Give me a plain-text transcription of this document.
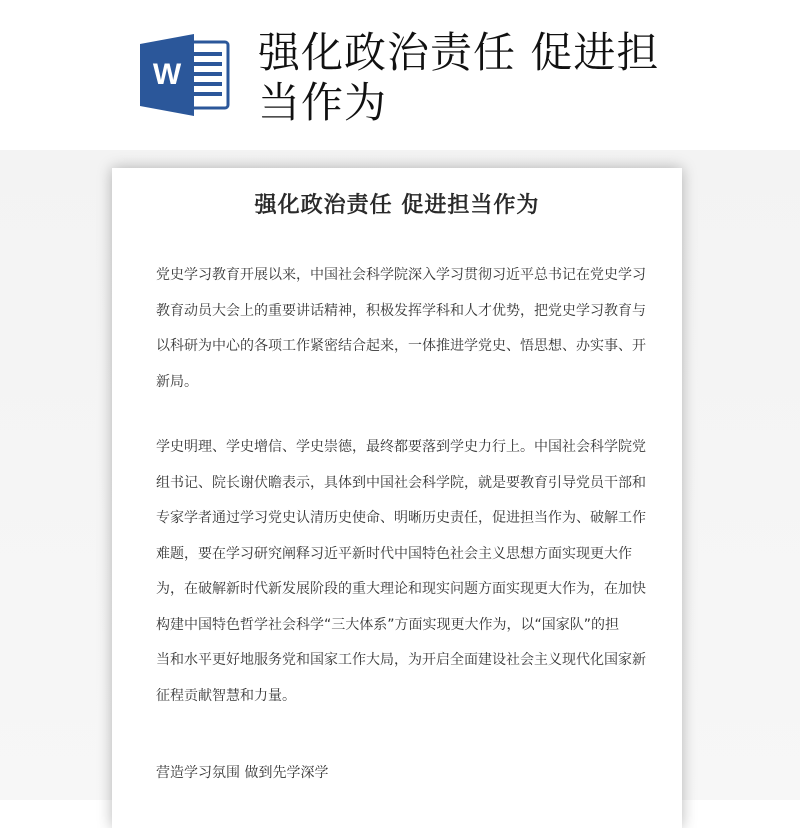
W 强化政治责任 促进担当作为
强化政治责任 促进担当作为

党史学习教育开展以来，中国社会科学院深入学习贯彻习近平总书记在党史学习
教育动员大会上的重要讲话精神，积极发挥学科和人才优势，把党史学习教育与
以科研为中心的各项工作紧密结合起来，一体推进学党史、悟思想、办实事、开
新局。

学史明理、学史增信、学史崇德，最终都要落到学史力行上。中国社会科学院党
组书记、院长谢伏瞻表示，具体到中国社会科学院，就是要教育引导党员干部和
专家学者通过学习党史认清历史使命、明晰历史责任，促进担当作为、破解工作
难题，要在学习研究阐释习近平新时代中国特色社会主义思想方面实现更大作
为，在破解新时代新发展阶段的重大理论和现实问题方面实现更大作为，在加快
构建中国特色哲学社会科学“三大体系”方面实现更大作为，以“国家队”的担
当和水平更好地服务党和国家工作大局，为开启全面建设社会主义现代化国家新
征程贡献智慧和力量。

营造学习氛围 做到先学深学
